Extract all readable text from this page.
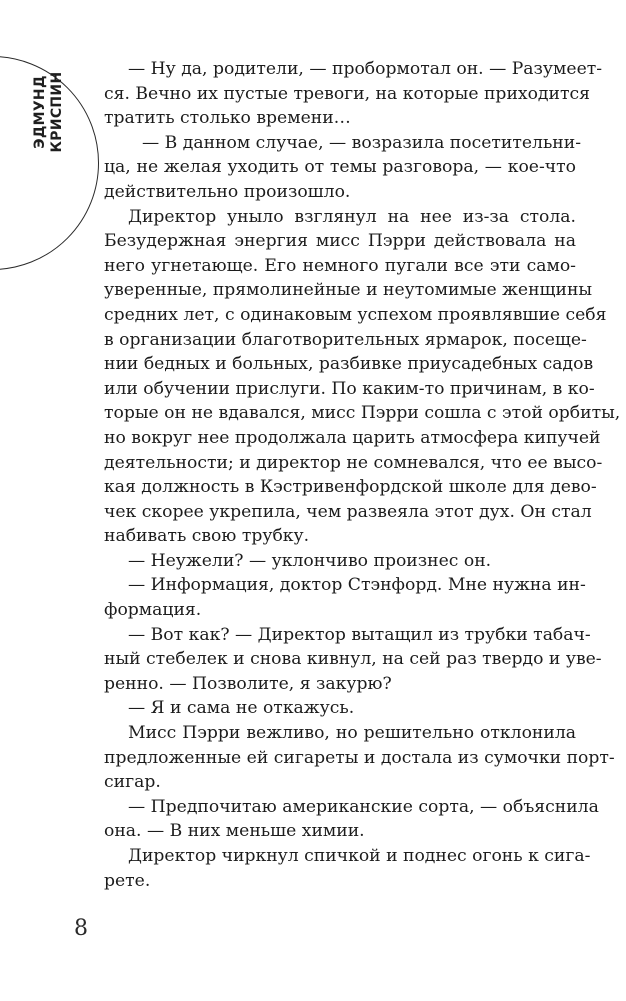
ЭДМУНД КРИСПИН
— Ну да, родители, — пробормотал он. — Разумеет-
ся. Вечно их пустые тревоги, на которые приходится
тратить столько времени…
— В данном случае, — возразила посетительни-
ца, не желая уходить от темы разговора, — кое-что
действительно произошло.
Директор уныло взглянул на нее из-за стола.
Безудержная энергия мисс Пэрри действовала на
него угнетающе. Его немного пугали все эти само-
уверенные, прямолинейные и неутомимые женщины
средних лет, с одинаковым успехом проявлявшие себя
в организации благотворительных ярмарок, посеще-
нии бедных и больных, разбивке приусадебных садов
или обучении прислуги. По каким-то причинам, в ко-
торые он не вдавался, мисс Пэрри сошла с этой орбиты,
но вокруг нее продолжала царить атмосфера кипучей
деятельности; и директор не сомневался, что ее высо-
кая должность в Кэстривенфордской школе для дево-
чек скорее укрепила, чем развеяла этот дух. Он стал
набивать свою трубку.
— Неужели? — уклончиво произнес он.
— Информация, доктор Стэнфорд. Мне нужна ин-
формация.
— Вот как? — Директор вытащил из трубки табач-
ный стебелек и снова кивнул, на сей раз твердо и уве-
ренно. — Позволите, я закурю?
— Я и сама не откажусь.
Мисс Пэрри вежливо, но решительно отклонила
предложенные ей сигареты и достала из сумочки порт-
сигар.
— Предпочитаю американские сорта, — объяснила
она. — В них меньше химии.
Директор чиркнул спичкой и поднес огонь к сига-
рете.
8
